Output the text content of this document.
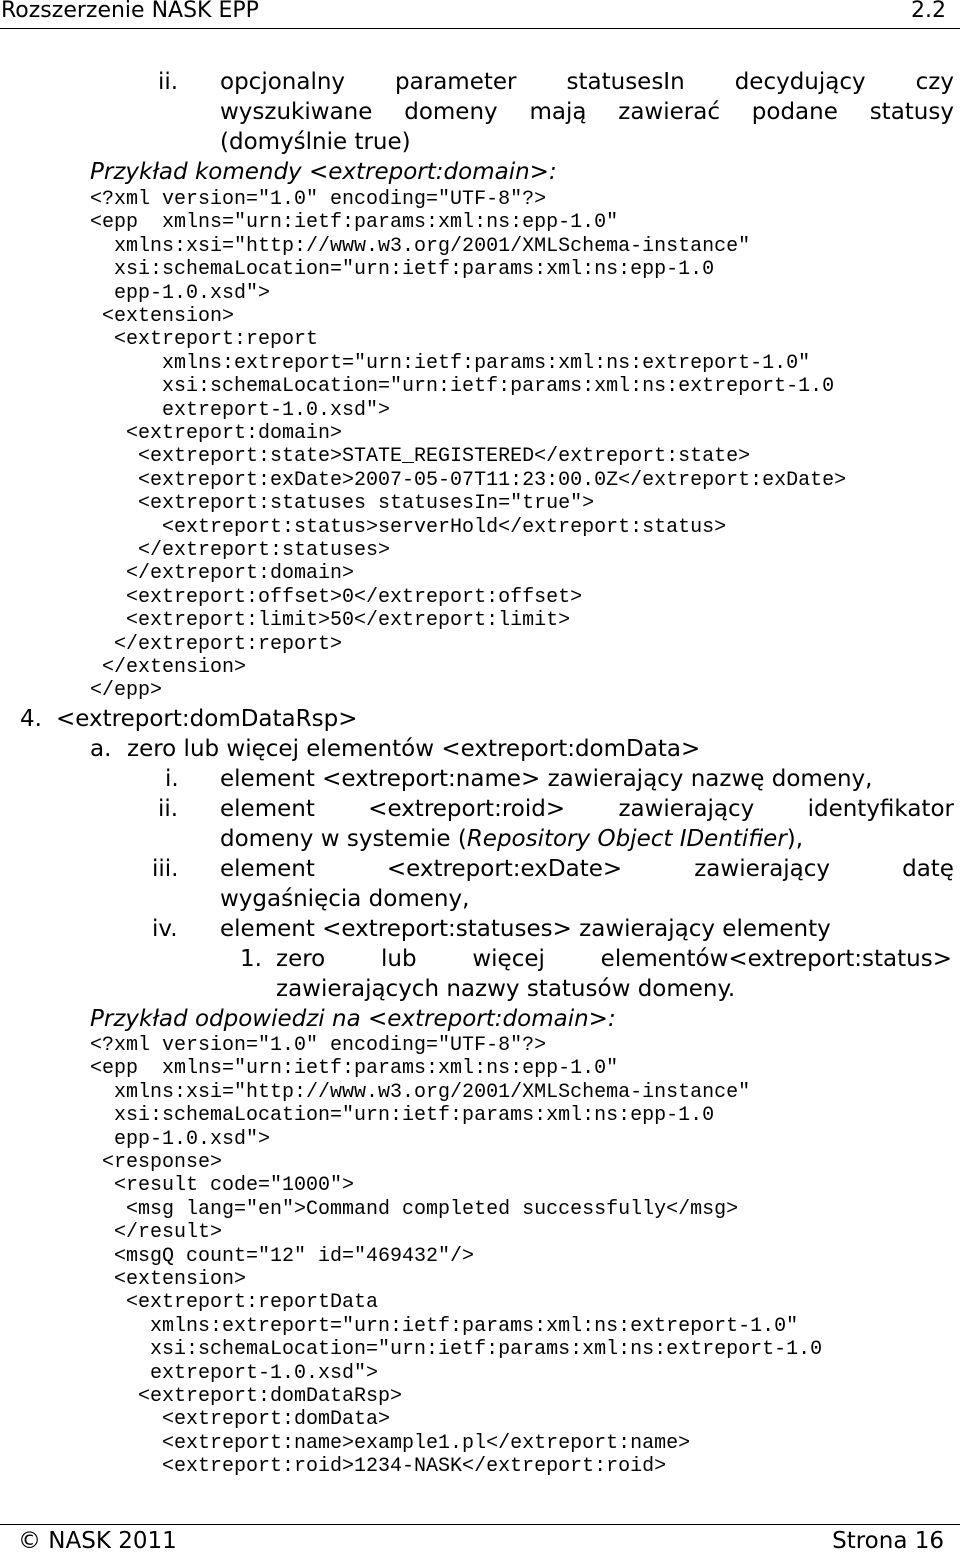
Rozszerzenie NASK EPP	2.2
ii. opcjonalny parameter statusesIn decydujący czy
wyszukiwane domeny mają zawierać podane statusy
(domyślnie true)
Przykład komendy <extreport:domain>:
<?xml version="1.0" encoding="UTF-8"?>
<epp  xmlns="urn:ietf:params:xml:ns:epp-1.0"
xmlns:xsi="http://www.w3.org/2001/XMLSchema-instance"
xsi:schemaLocation="urn:ietf:params:xml:ns:epp-1.0
epp-1.0.xsd">
<extension>
<extreport:report
xmlns:extreport="urn:ietf:params:xml:ns:extreport-1.0"
xsi:schemaLocation="urn:ietf:params:xml:ns:extreport-1.0
extreport-1.0.xsd">
<extreport:domain>
<extreport:state>STATE_REGISTERED</extreport:state>
<extreport:exDate>2007-05-07T11:23:00.0Z</extreport:exDate>
<extreport:statuses statusesIn="true">
<extreport:status>serverHold</extreport:status>
</extreport:statuses>
</extreport:domain>
<extreport:offset>0</extreport:offset>
<extreport:limit>50</extreport:limit>
</extreport:report>
</extension>
</epp>
4. <extreport:domDataRsp>
a. zero lub więcej elementów <extreport:domData>
i. element <extreport:name> zawierający nazwę domeny,
ii. element <extreport:roid> zawierający identyfikator
domeny w systemie (Repository Object IDentifier),
iii. element	<extreport:exDate>	zawierający	datę
wygaśnięcia domeny,
iv. element <extreport:statuses> zawierający elementy
1. zero lub więcej elementów<extreport:status>
zawierających nazwy statusów domeny.
Przykład odpowiedzi na <extreport:domain>:
<?xml version="1.0" encoding="UTF-8"?>
<epp  xmlns="urn:ietf:params:xml:ns:epp-1.0"
xmlns:xsi="http://www.w3.org/2001/XMLSchema-instance"
xsi:schemaLocation="urn:ietf:params:xml:ns:epp-1.0
epp-1.0.xsd">
<response>
<result code="1000">
<msg lang="en">Command completed successfully</msg>
</result>
<msgQ count="12" id="469432"/>
<extension>
<extreport:reportData
xmlns:extreport="urn:ietf:params:xml:ns:extreport-1.0"
xsi:schemaLocation="urn:ietf:params:xml:ns:extreport-1.0
extreport-1.0.xsd">
<extreport:domDataRsp>
<extreport:domData>
<extreport:name>example1.pl</extreport:name>
<extreport:roid>1234-NASK</extreport:roid>
© NASK 2011	Strona 16
